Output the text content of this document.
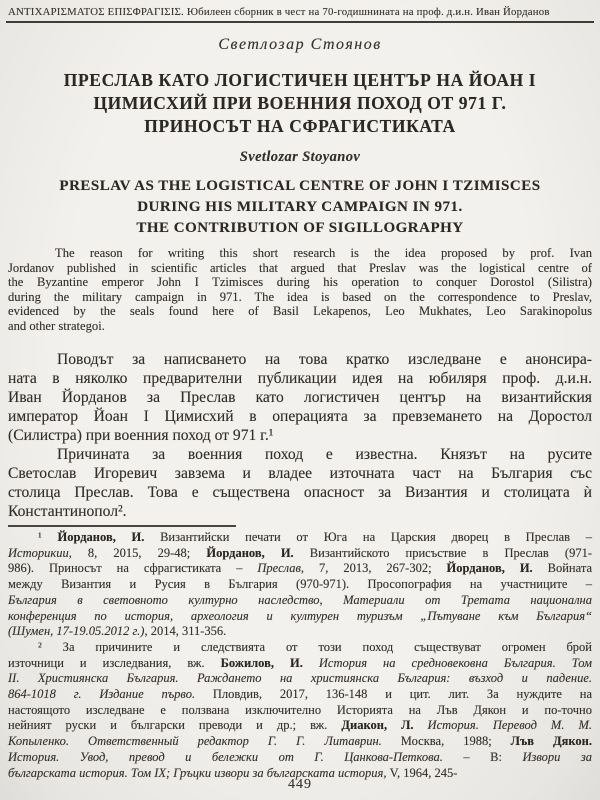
ΑΝΤΙΧΑΡΙΣΜΑΤΟΣ ΕΠΙΣΦΡΑΓΙΣΙΣ. Юбилеен сборник в чест на 70-годишнината на проф. д.и.н. Иван Йорданов
Светлозар Стоянов
ПРЕСЛАВ КАТО ЛОГИСТИЧЕН ЦЕНТЪР НА ЙОАН I
ЦИМИСХИЙ ПРИ ВОЕННИЯ ПОХОД ОТ 971 Г.
ПРИНОСЪТ НА СФРАГИСТИКАТА
Svetlozar Stoyanov
PRESLAV AS THE LOGISTICAL CENTRE OF JOHN I TZIMISCES
DURING HIS MILITARY CAMPAIGN IN 971.
THE CONTRIBUTION OF SIGILLOGRAPHY
The reason for writing this short research is the idea proposed by prof. Ivan
Jordanov published in scientific articles that argued that Preslav was the logistical centre of
the Byzantine emperor John I Tzimisces during his operation to conquer Dorostol (Silistra)
during the military campaign in 971. The idea is based on the correspondence to Preslav,
evidenced by the seals found here of Basil Lekapenos, Leo Mukhates, Leo Sarakinopolus
and other strategoi.
Поводът за написването на това кратко изследване е анонсира-
ната в няколко предварителни публикации идея на юбиляря проф. д.и.н.
Иван Йорданов за Преслав като логистичен център на византийския
император Йоан I Цимисхий в операцията за превземането на Доростол
(Силистра) при военния поход от 971 г.¹
Причината за военния поход е известна. Князът на русите
Светослав Игоревич завзема и владее източната част на България със
столица Преслав. Това е съществена опасност за Византия и столицата ѝ
Константинопол².
¹ Йорданов, И. Византийски печати от Юга на Царския дворец в Преслав –
Историкии, 8, 2015, 29-48; Йорданов, И. Византийското присъствие в Преслав (971-
986). Приносът на сфрагистиката – Преслав, 7, 2013, 267-302; Йорданов, И. Войната
между Византия и Русия в България (970-971). Просопография на участниците –
България в световното културно наследство, Материали от Третата национална
конференция по история, археология и културен туризъм „Пътуване към България“
(Шумен, 17-19.05.2012 г.), 2014, 311-356.
² За причините и следствията от този поход съществуват огромен брой
източници и изследвания, вж. Божилов, И. История на средновековна България. Том
II. Християнска България. Раждането на християнска България: възход и падение.
864-1018 г. Издание първо. Пловдив, 2017, 136-148 и цит. лит. За нуждите на
настоящото изследване е ползвана изключително Историята на Лъв Дякон и по-точно
нейният руски и български преводи и др.; вж. Диакон, Л. История. Перевод М. М.
Копыленко. Ответственный редактор Г. Г. Литаврин. Москва, 1988; Лъв Дякон.
История. Увод, превод и бележки от Г. Цанкова-Петкова. – В: Извори за
българската история. Том IX; Гръцки извори за българската история, V, 1964, 245-
449
